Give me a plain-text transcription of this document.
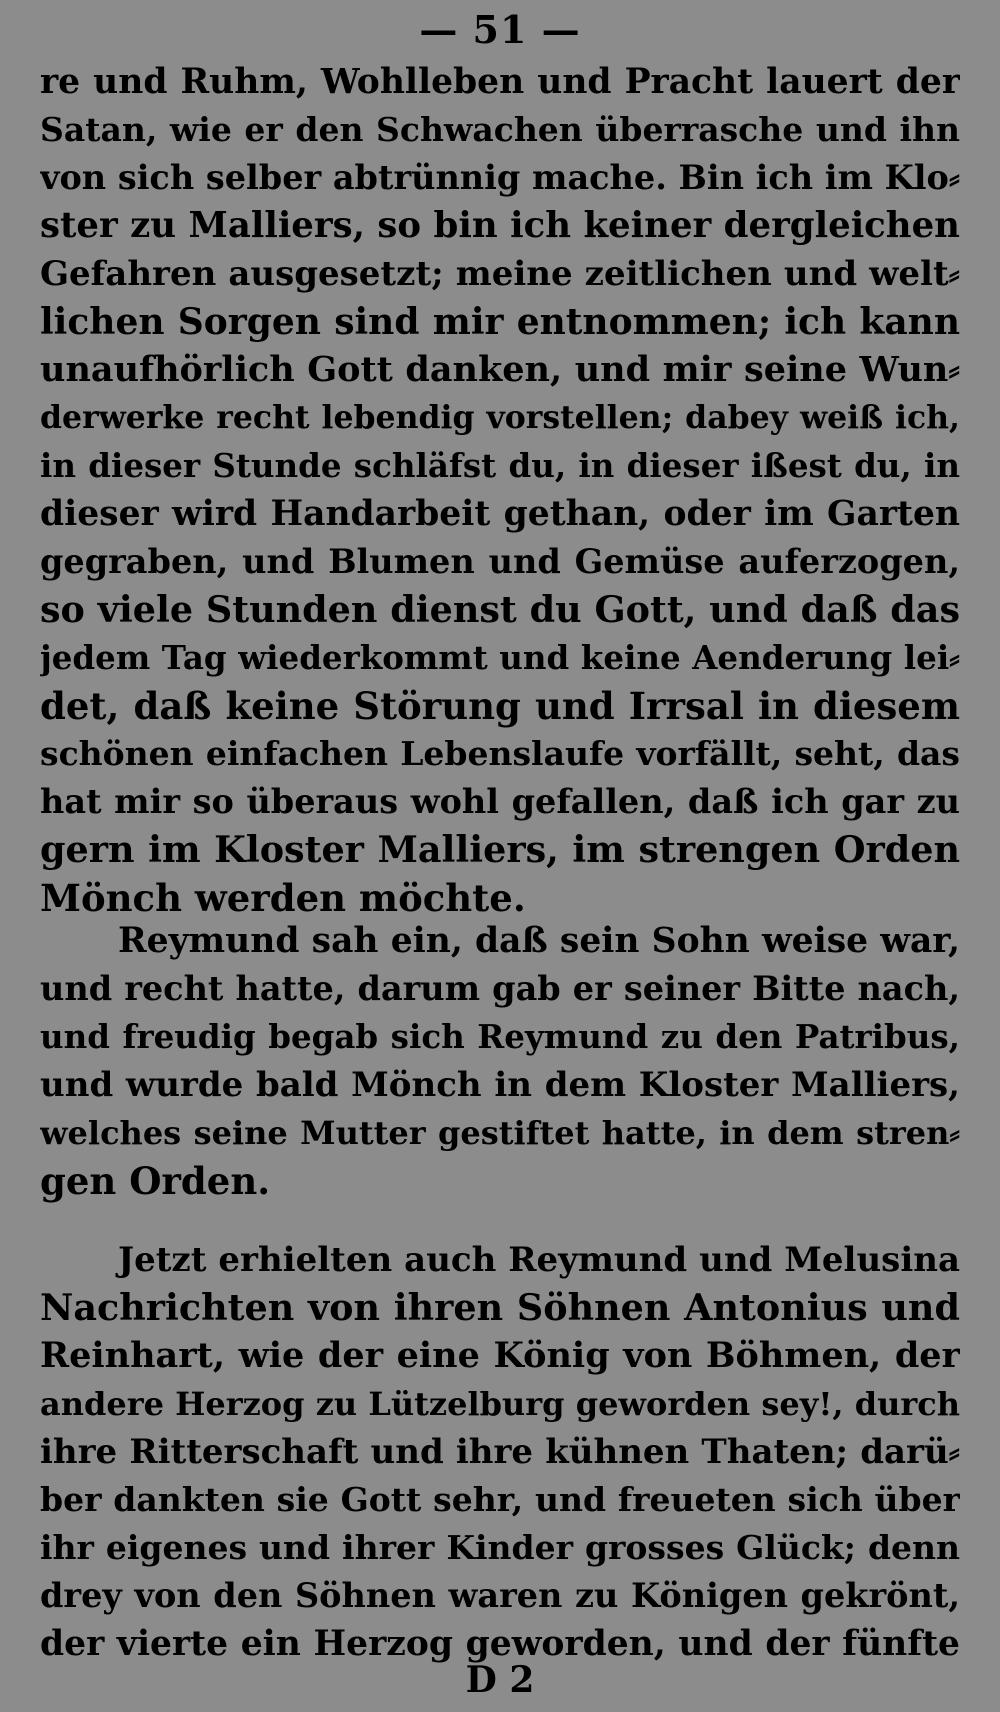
— 51 —
re und Ruhm, Wohlleben und Pracht lauert der
Satan, wie er den Schwachen überrasche und ihn
von sich selber abtrünnig mache. Bin ich im Klo⸗
ster zu Malliers, so bin ich keiner dergleichen
Gefahren ausgesetzt; meine zeitlichen und welt⸗
lichen Sorgen sind mir entnommen; ich kann
unaufhörlich Gott danken, und mir seine Wun⸗
derwerke recht lebendig vorstellen; dabey weiß ich,
in dieser Stunde schläfst du, in dieser ißest du, in
dieser wird Handarbeit gethan, oder im Garten
gegraben, und Blumen und Gemüse auferzogen,
so viele Stunden dienst du Gott, und daß das
jedem Tag wiederkommt und keine Aenderung lei⸗
det, daß keine Störung und Irrsal in diesem
schönen einfachen Lebenslaufe vorfällt, seht, das
hat mir so überaus wohl gefallen, daß ich gar zu
gern im Kloster Malliers, im strengen Orden
Mönch werden möchte.
Reymund sah ein, daß sein Sohn weise war,
und recht hatte, darum gab er seiner Bitte nach,
und freudig begab sich Reymund zu den Patribus,
und wurde bald Mönch in dem Kloster Malliers,
welches seine Mutter gestiftet hatte, in dem stren⸗
gen Orden.
Jetzt erhielten auch Reymund und Melusina
Nachrichten von ihren Söhnen Antonius und
Reinhart, wie der eine König von Böhmen, der
andere Herzog zu Lützelburg geworden sey!, durch
ihre Ritterschaft und ihre kühnen Thaten; darü⸗
ber dankten sie Gott sehr, und freueten sich über
ihr eigenes und ihrer Kinder grosses Glück; denn
drey von den Söhnen waren zu Königen gekrönt,
der vierte ein Herzog geworden, und der fünfte
D 2
